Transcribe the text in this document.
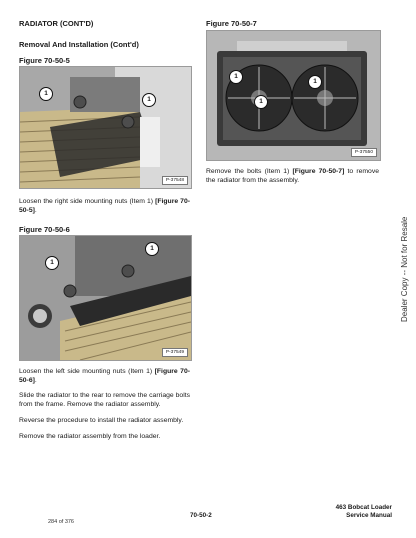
RADIATOR (CONT'D)
Removal And Installation (Cont'd)
Figure 70-50-5
1
1
P-37548
Loosen the right side mounting nuts (Item 1) [Figure 70-50-5].
Figure 70-50-6
1
1
P-37549
Loosen the left side mounting nuts (Item 1) [Figure 70-50-6].
Slide the radiator to the rear to remove the carriage bolts from the frame. Remove the radiator assembly.
Reverse the procedure to install the radiator assembly.
Remove the radiator assembly from the loader.
Figure 70-50-7
1
1
1
P-37550
Remove the bolts (Item 1) [Figure 70-50-7] to remove the radiator from the assembly.
Dealer Copy -- Not for Resale
70-50-2
463 Bobcat Loader
Service Manual
284 of 376
